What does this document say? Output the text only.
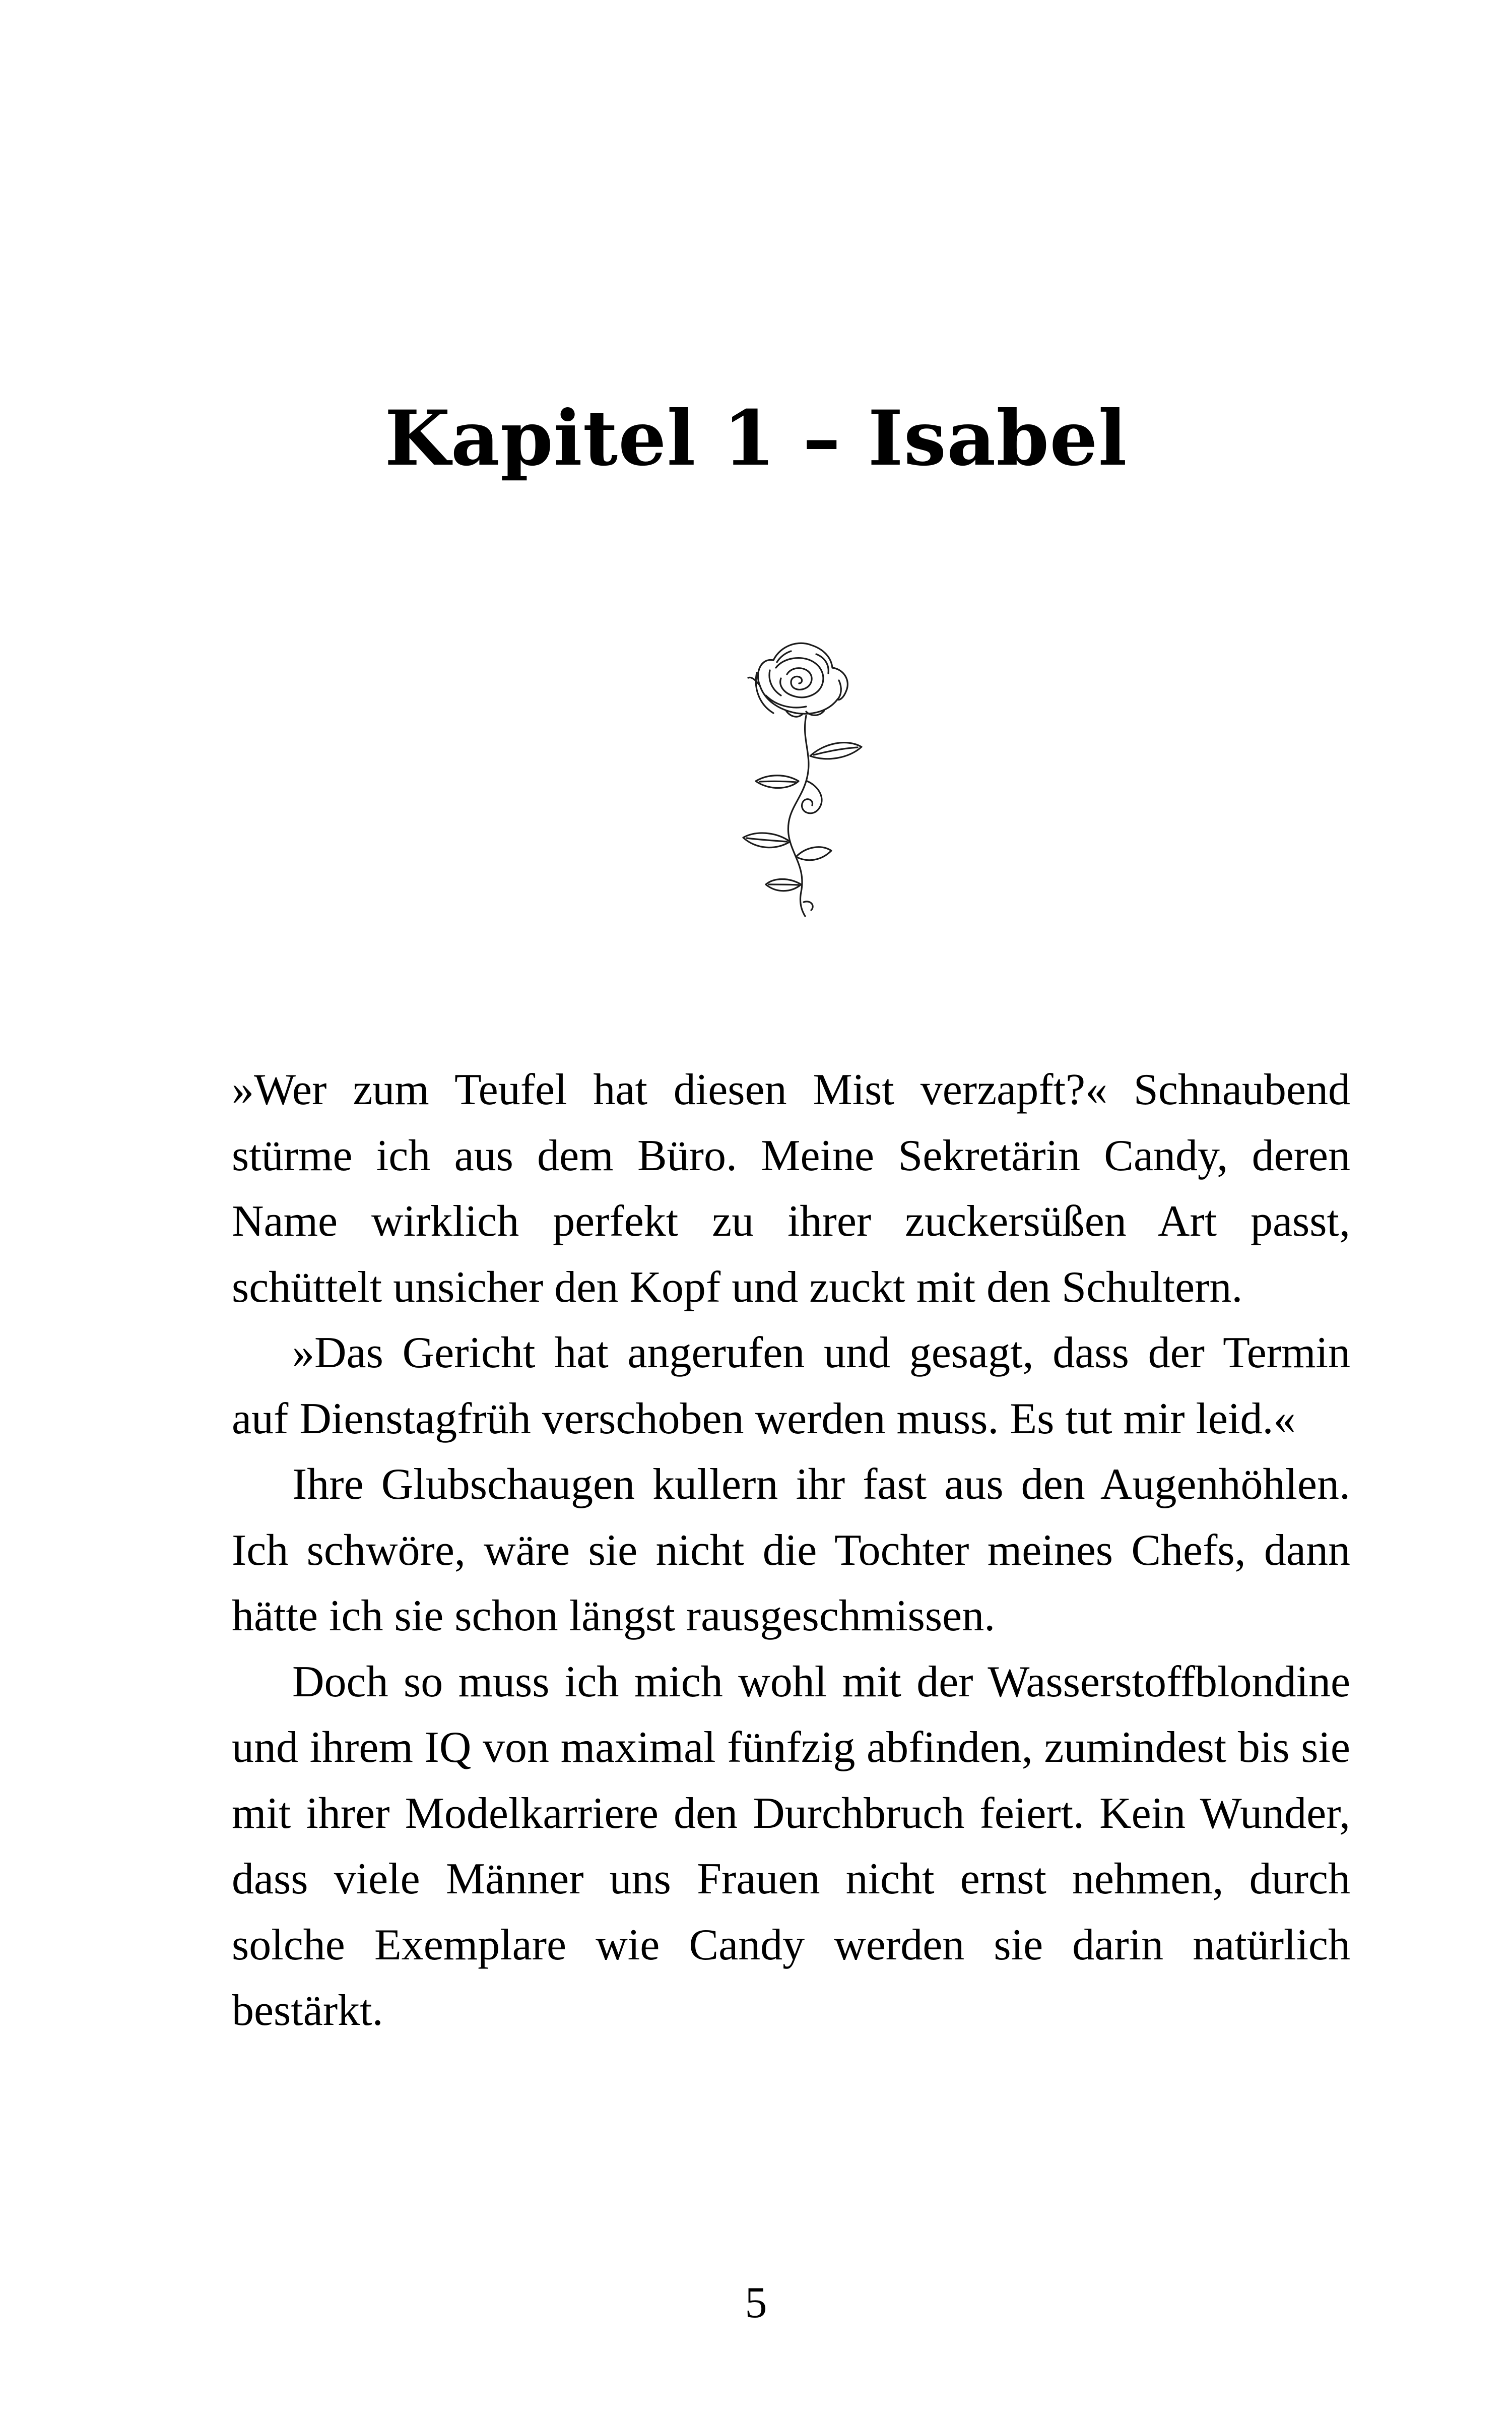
Kapitel 1 – Isabel

»Wer zum Teufel hat diesen Mist verzapft?« Schnaubend stürme ich aus dem Büro. Meine Sekretärin Candy, deren Name wirklich perfekt zu ihrer zuckersüßen Art passt, schüttelt unsicher den Kopf und zuckt mit den Schultern.

»Das Gericht hat angerufen und gesagt, dass der Termin auf Dienstagfrüh verschoben werden muss. Es tut mir leid.«

Ihre Glubschaugen kullern ihr fast aus den Augenhöhlen. Ich schwöre, wäre sie nicht die Tochter meines Chefs, dann hätte ich sie schon längst rausgeschmissen.

Doch so muss ich mich wohl mit der Wasserstoffblondine und ihrem IQ von maximal fünfzig abfinden, zumindest bis sie mit ihrer Modelkarriere den Durchbruch feiert. Kein Wunder, dass viele Männer uns Frauen nicht ernst nehmen, durch solche Exemplare wie Candy werden sie darin natürlich bestärkt.

5
